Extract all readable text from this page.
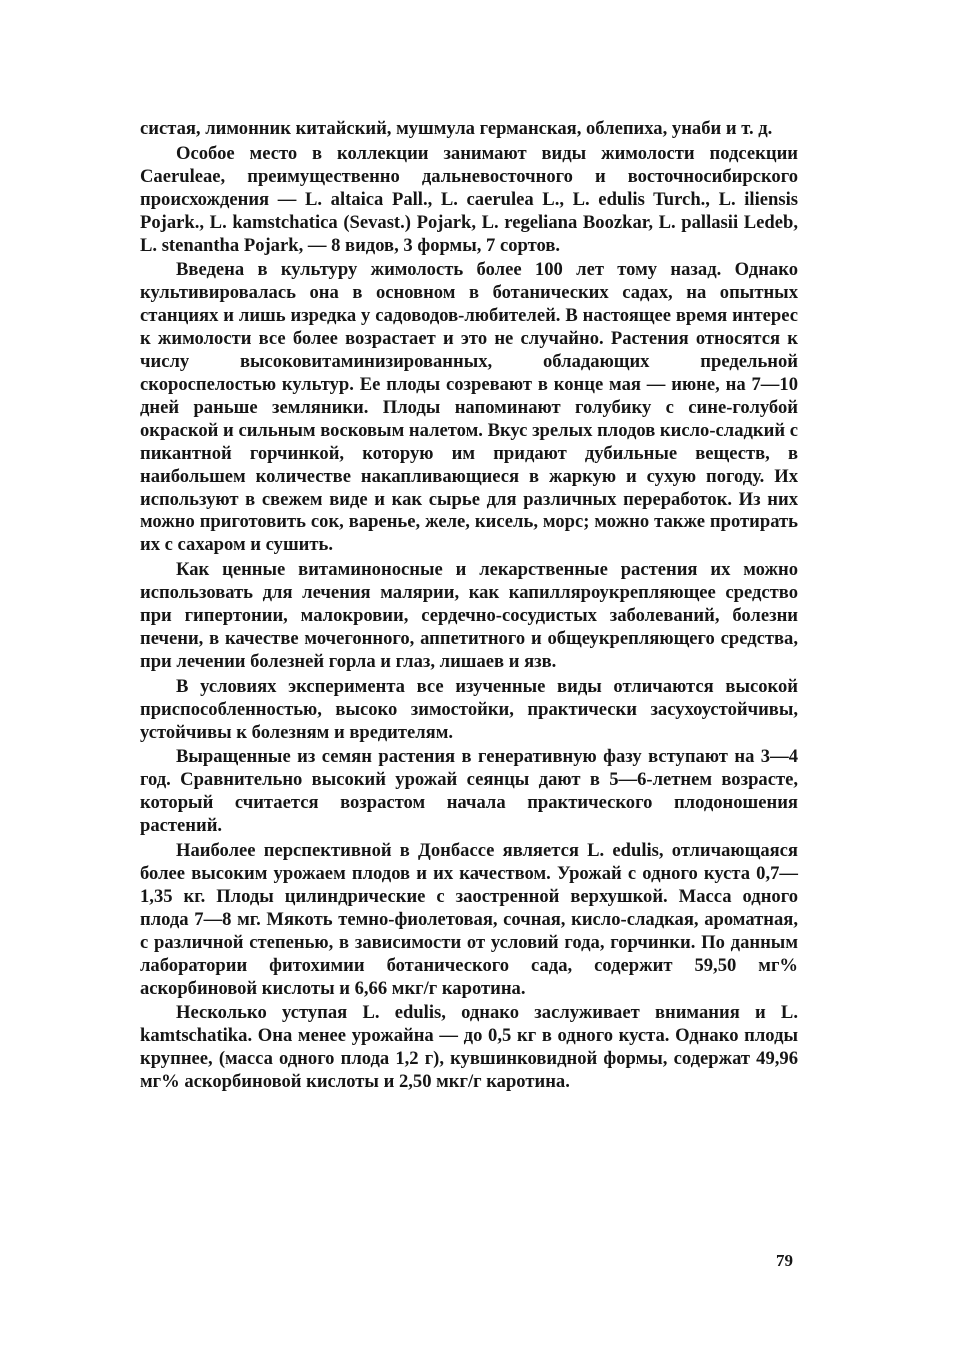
систая, лимонник китайский, мушмула германская, облепиха, унаби и т. д.

Особое место в коллекции занимают виды жимолости подсекции Caeruleae, преимущественно дальневосточного и восточносибирского происхождения — L. altaica Pall., L. caerulea L., L. edulis Turch., L. iliensis Pojark., L. kamstchatica (Sevast.) Pojark, L. regeliana Boozkar, L. pallasii Ledeb, L. stenantha Pojark, — 8 видов, 3 формы, 7 сортов.

Введена в культуру жимолость более 100 лет тому назад. Однако культивировалась она в основном в ботанических садах, на опытных станциях и лишь изредка у садоводов-любителей. В настоящее время интерес к жимолости все более возрастает и это не случайно. Растения относятся к числу высоковитаминизированных, обладающих предельной скороспелостью культур. Ее плоды созревают в конце мая — июне, на 7—10 дней раньше земляники. Плоды напоминают голубику с сине-голубой окраской и сильным восковым налетом. Вкус зрелых плодов кисло-сладкий с пикантной горчинкой, которую им придают дубильные веществ, в наибольшем количестве накапливающиеся в жаркую и сухую погоду. Их используют в свежем виде и как сырье для различных переработок. Из них можно приготовить сок, варенье, желе, кисель, морс; можно также протирать их с сахаром и сушить.

Как ценные витаминоносные и лекарственные растения их можно использовать для лечения малярии, как капилляроукрепляющее средство при гипертонии, малокровии, сердечно-сосудистых заболеваний, болезни печени, в качестве мочегонного, аппетитного и общеукрепляющего средства, при лечении болезней горла и глаз, лишаев и язв.

В условиях эксперимента все изученные виды отличаются высокой приспособленностью, высоко зимостойки, практически засухоустойчивы, устойчивы к болезням и вредителям.

Выращенные из семян растения в генеративную фазу вступают на 3—4 год. Сравнительно высокий урожай сеянцы дают в 5—6-летнем возрасте, который считается возрастом начала практического плодоношения растений.

Наиболее перспективной в Донбассе является L. edulis, отличающаяся более высоким урожаем плодов и их качеством. Урожай с одного куста 0,7—1,35 кг. Плоды цилиндрические с заостренной верхушкой. Масса одного плода 7—8 мг. Мякоть темно-фиолетовая, сочная, кисло-сладкая, ароматная, с различной степенью, в зависимости от условий года, горчинки. По данным лаборатории фитохимии ботанического сада, содержит 59,50 мг% аскорбиновой кислоты и 6,66 мкг/г каротина.

Несколько уступая L. edulis, однако заслуживает внимания и L. kamtschatika. Она менее урожайна — до 0,5 кг в одного куста. Однако плоды крупнее, (масса одного плода 1,2 г), кувшинковидной формы, содержат 49,96 мг% аскорбиновой кислоты и 2,50 мкг/г каротина.

79
